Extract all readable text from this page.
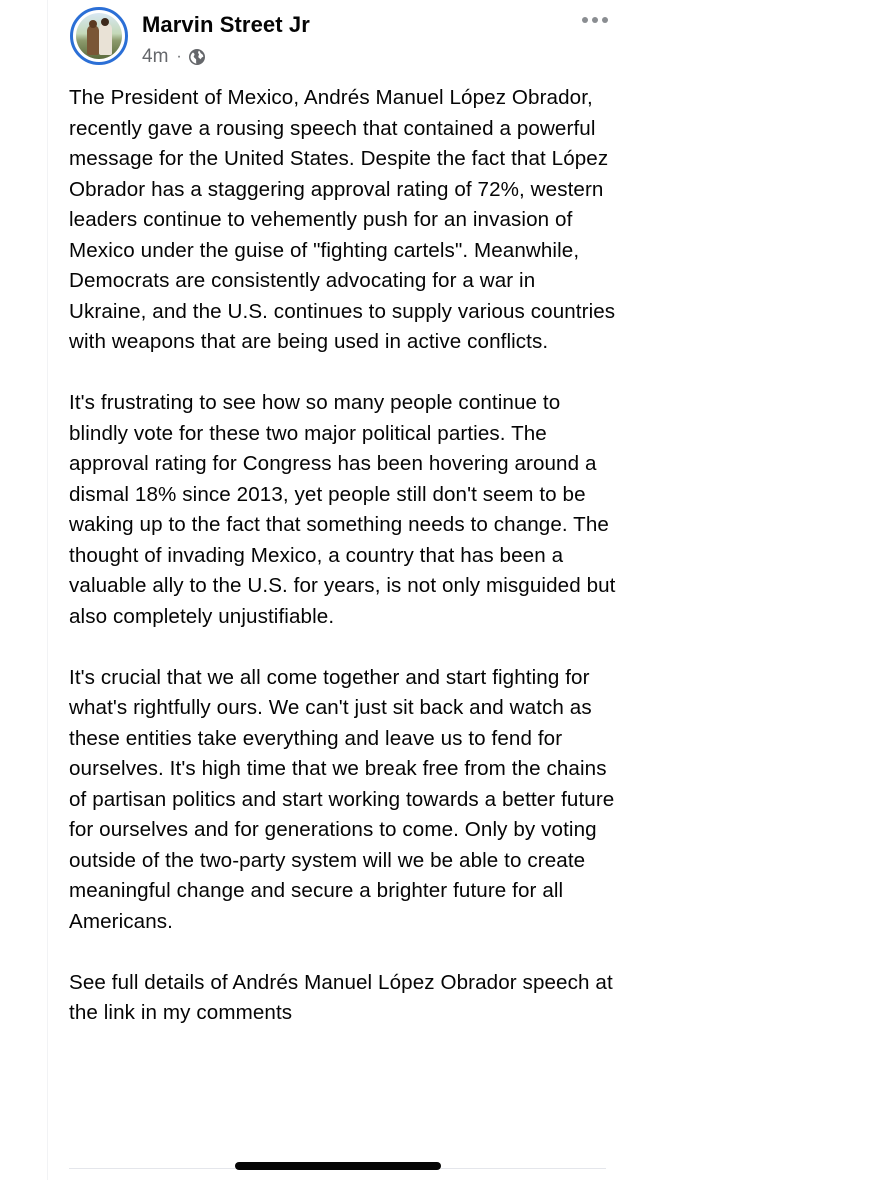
Marvin Street Jr
4m ·

The President of Mexico, Andrés Manuel López Obrador, recently gave a rousing speech that contained a powerful message for the United States. Despite the fact that López Obrador has a staggering approval rating of 72%, western leaders continue to vehemently push for an invasion of Mexico under the guise of "fighting cartels". Meanwhile, Democrats are consistently advocating for a war in Ukraine, and the U.S. continues to supply various countries with weapons that are being used in active conflicts.

It's frustrating to see how so many people continue to blindly vote for these two major political parties. The approval rating for Congress has been hovering around a dismal 18% since 2013, yet people still don't seem to be waking up to the fact that something needs to change. The thought of invading Mexico, a country that has been a valuable ally to the U.S. for years, is not only misguided but also completely unjustifiable.

It's crucial that we all come together and start fighting for what's rightfully ours. We can't just sit back and watch as these entities take everything and leave us to fend for ourselves. It's high time that we break free from the chains of partisan politics and start working towards a better future for ourselves and for generations to come. Only by voting outside of the two-party system will we be able to create meaningful change and secure a brighter future for all Americans.

See full details of Andrés Manuel López Obrador speech at the link in my comments
